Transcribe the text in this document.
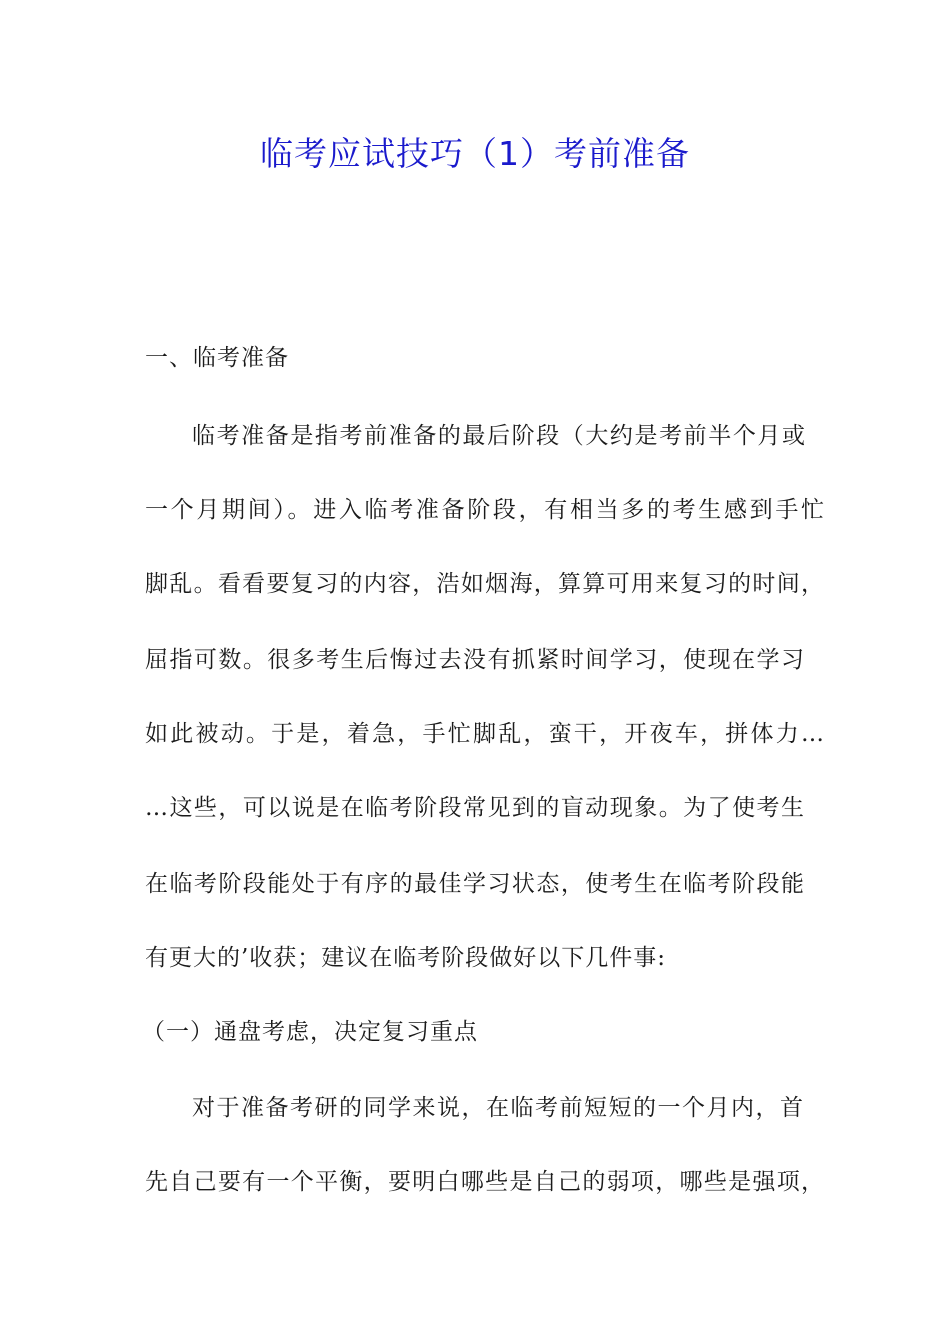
临考应试技巧（1）考前准备

一、临考准备

临考准备是指考前准备的最后阶段（大约是考前半个月或

一个月期间）。进入临考准备阶段，有相当多的考生感到手忙

脚乱。看看要复习的内容，浩如烟海，算算可用来复习的时间，

屈指可数。很多考生后悔过去没有抓紧时间学习，使现在学习

如此被动。于是，着急，手忙脚乱，蛮干，开夜车，拼体力…

…这些，可以说是在临考阶段常见到的盲动现象。为了使考生

在临考阶段能处于有序的最佳学习状态，使考生在临考阶段能

有更大的’收获；建议在临考阶段做好以下几件事:

（一）通盘考虑，决定复习重点

对于准备考研的同学来说，在临考前短短的一个月内，首

先自己要有一个平衡，要明白哪些是自己的弱项，哪些是强项，
